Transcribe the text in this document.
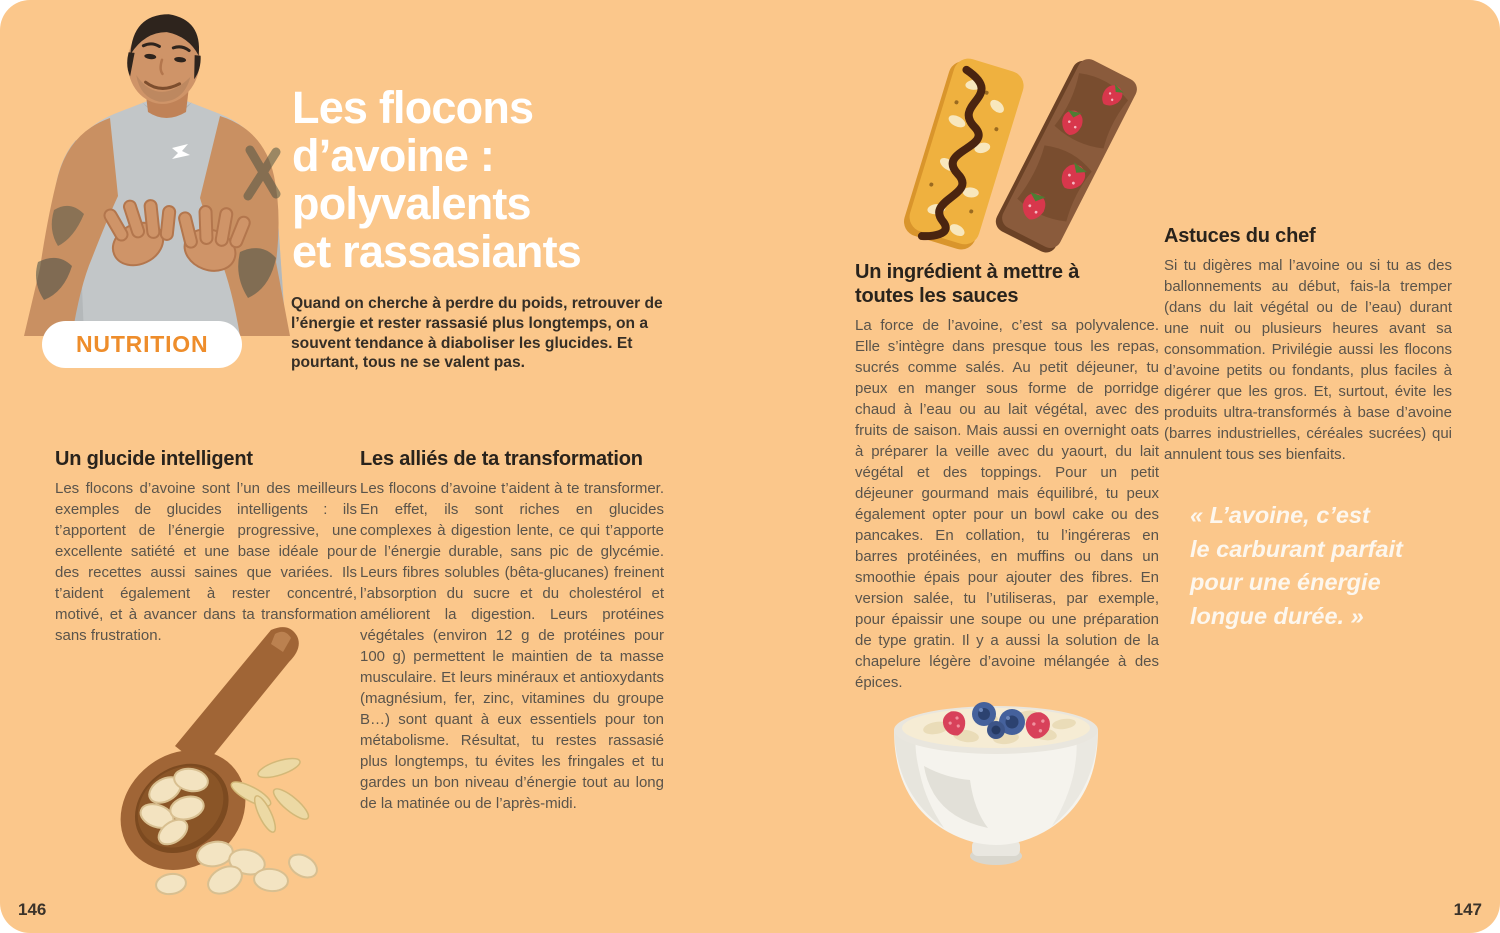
Les flocons
d’avoine :
polyvalents
et rassasiants
Quand on cherche à perdre du poids, retrouver de l’énergie et rester rassasié plus longtemps, on a souvent tendance à diaboliser les glucides. Et pourtant, tous ne se valent pas.
NUTRITION
Un glucide intelligent
Les flocons d’avoine sont l’un des meilleurs exemples de glucides intelligents : ils t’apportent de l’énergie progressive, une excellente satiété et une base idéale pour des recettes aussi saines que variées. Ils t’aident également à rester concentré, motivé, et à avancer dans ta transformation sans frustration.
Les alliés de ta transformation
Les flocons d’avoine t’aident à te transformer. En effet, ils sont riches en glucides complexes à digestion lente, ce qui t’apporte de l’énergie durable, sans pic de glycémie. Leurs fibres solubles (bêta-glucanes) freinent l’absorption du sucre et du cholestérol et améliorent la digestion. Leurs protéines végétales (environ 12 g de protéines pour 100 g) permettent le maintien de ta masse musculaire. Et leurs minéraux et antioxydants (magnésium, fer, zinc, vitamines du groupe B…) sont quant à eux essentiels pour ton métabolisme. Résultat, tu restes rassasié plus longtemps, tu évites les fringales et tu gardes un bon niveau d’énergie tout au long de la matinée ou de l’après-midi.
Un ingrédient à mettre à toutes les sauces
La force de l’avoine, c’est sa polyvalence. Elle s’intègre dans presque tous les repas, sucrés comme salés. Au petit déjeuner, tu peux en manger sous forme de porridge chaud à l’eau ou au lait végétal, avec des fruits de saison. Mais aussi en overnight oats à préparer la veille avec du yaourt, du lait végétal et des toppings. Pour un petit déjeuner gourmand mais équilibré, tu peux également opter pour un bowl cake ou des pancakes. En collation, tu l’ingéreras en barres protéinées, en muffins ou dans un smoothie épais pour ajouter des fibres. En version salée, tu l’utiliseras, par exemple, pour épaissir une soupe ou une préparation de type gratin. Il y a aussi la solution de la chapelure légère d’avoine mélangée à des épices.
Astuces du chef
Si tu digères mal l’avoine ou si tu as des ballonnements au début, fais-la tremper (dans du lait végétal ou de l’eau) durant une nuit ou plusieurs heures avant sa consommation. Privilégie aussi les flocons d’avoine petits ou fondants, plus faciles à digérer que les gros. Et, surtout, évite les produits ultra-transformés à base d’avoine (barres industrielles, céréales sucrées) qui annulent tous ses bienfaits.
« L’avoine, c’est
le carburant parfait
pour une énergie
longue durée. »
146	147
